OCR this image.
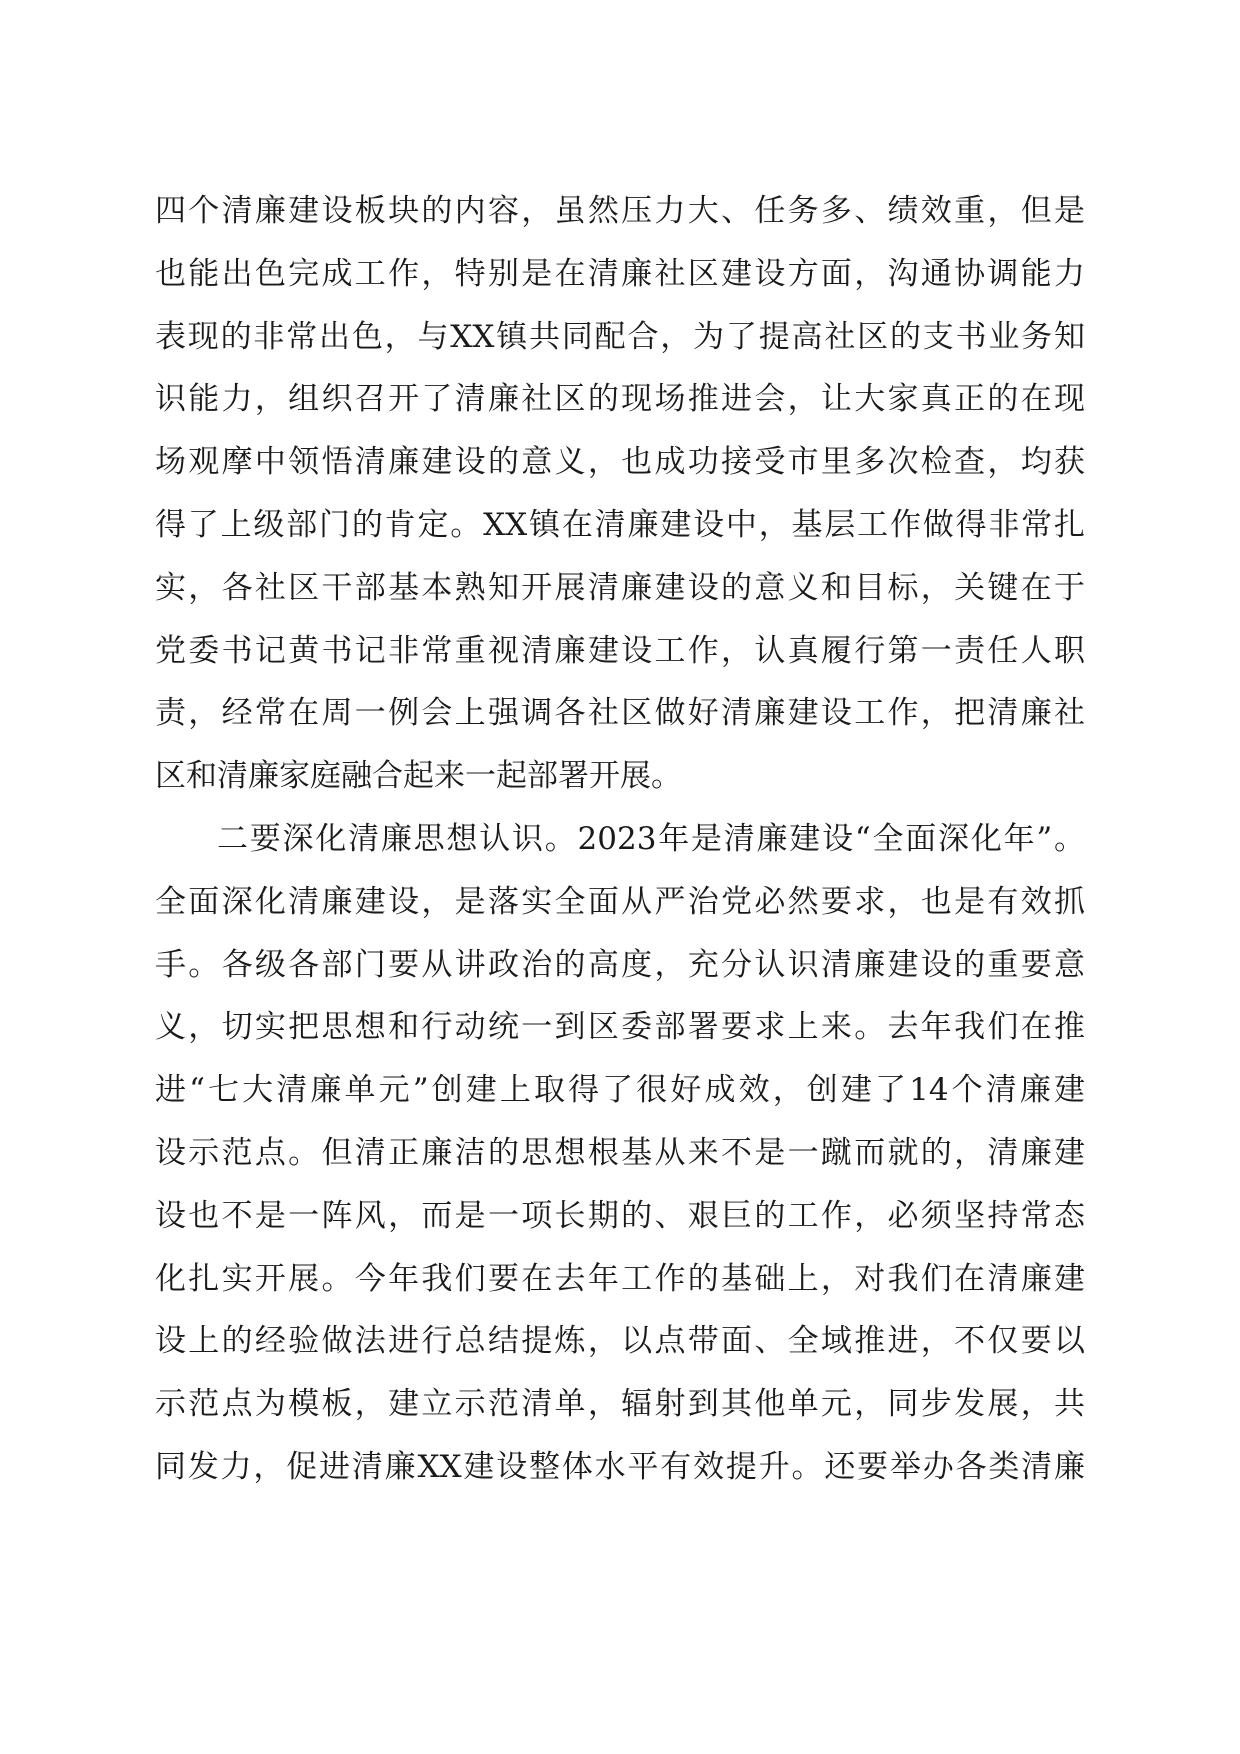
四个清廉建设板块的内容，虽然压力大、任务多、绩效重，但是
也能出色完成工作，特别是在清廉社区建设方面，沟通协调能力
表现的非常出色，与XX镇共同配合，为了提高社区的支书业务知
识能力，组织召开了清廉社区的现场推进会，让大家真正的在现
场观摩中领悟清廉建设的意义，也成功接受市里多次检查，均获
得了上级部门的肯定。XX镇在清廉建设中，基层工作做得非常扎
实，各社区干部基本熟知开展清廉建设的意义和目标，关键在于
党委书记黄书记非常重视清廉建设工作，认真履行第一责任人职
责，经常在周一例会上强调各社区做好清廉建设工作，把清廉社
区和清廉家庭融合起来一起部署开展。
二要深化清廉思想认识。2023年是清廉建设“全面深化年”。
全面深化清廉建设，是落实全面从严治党必然要求，也是有效抓
手。各级各部门要从讲政治的高度，充分认识清廉建设的重要意
义，切实把思想和行动统一到区委部署要求上来。去年我们在推
进“七大清廉单元”创建上取得了很好成效，创建了14个清廉建
设示范点。但清正廉洁的思想根基从来不是一蹴而就的，清廉建
设也不是一阵风，而是一项长期的、艰巨的工作，必须坚持常态
化扎实开展。今年我们要在去年工作的基础上，对我们在清廉建
设上的经验做法进行总结提炼，以点带面、全域推进，不仅要以
示范点为模板，建立示范清单，辐射到其他单元，同步发展，共
同发力，促进清廉XX建设整体水平有效提升。还要举办各类清廉
